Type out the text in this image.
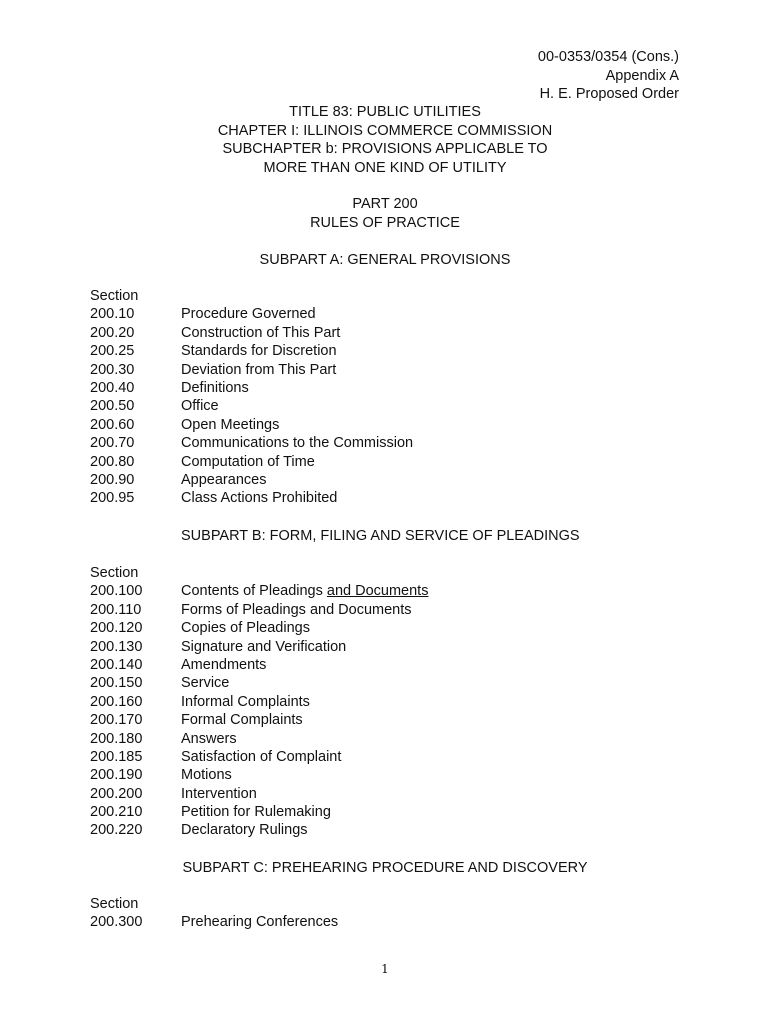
00-0353/0354 (Cons.)
Appendix A
H. E. Proposed Order
TITLE 83: PUBLIC UTILITIES
CHAPTER I: ILLINOIS COMMERCE COMMISSION
SUBCHAPTER b: PROVISIONS APPLICABLE TO
MORE THAN ONE KIND OF UTILITY
PART 200
RULES OF PRACTICE
SUBPART A: GENERAL PROVISIONS
Section
200.10	Procedure Governed
200.20	Construction of This Part
200.25	Standards for Discretion
200.30	Deviation from This Part
200.40	Definitions
200.50	Office
200.60	Open Meetings
200.70	Communications to the Commission
200.80	Computation of Time
200.90	Appearances
200.95	Class Actions Prohibited
SUBPART B: FORM, FILING AND SERVICE OF PLEADINGS
Section
200.100	Contents of Pleadings and Documents
200.110	Forms of Pleadings and Documents
200.120	Copies of Pleadings
200.130	Signature and Verification
200.140	Amendments
200.150	Service
200.160	Informal Complaints
200.170	Formal Complaints
200.180	Answers
200.185	Satisfaction of Complaint
200.190	Motions
200.200	Intervention
200.210	Petition for Rulemaking
200.220	Declaratory Rulings
SUBPART C: PREHEARING PROCEDURE AND DISCOVERY
Section
200.300	Prehearing Conferences
1
